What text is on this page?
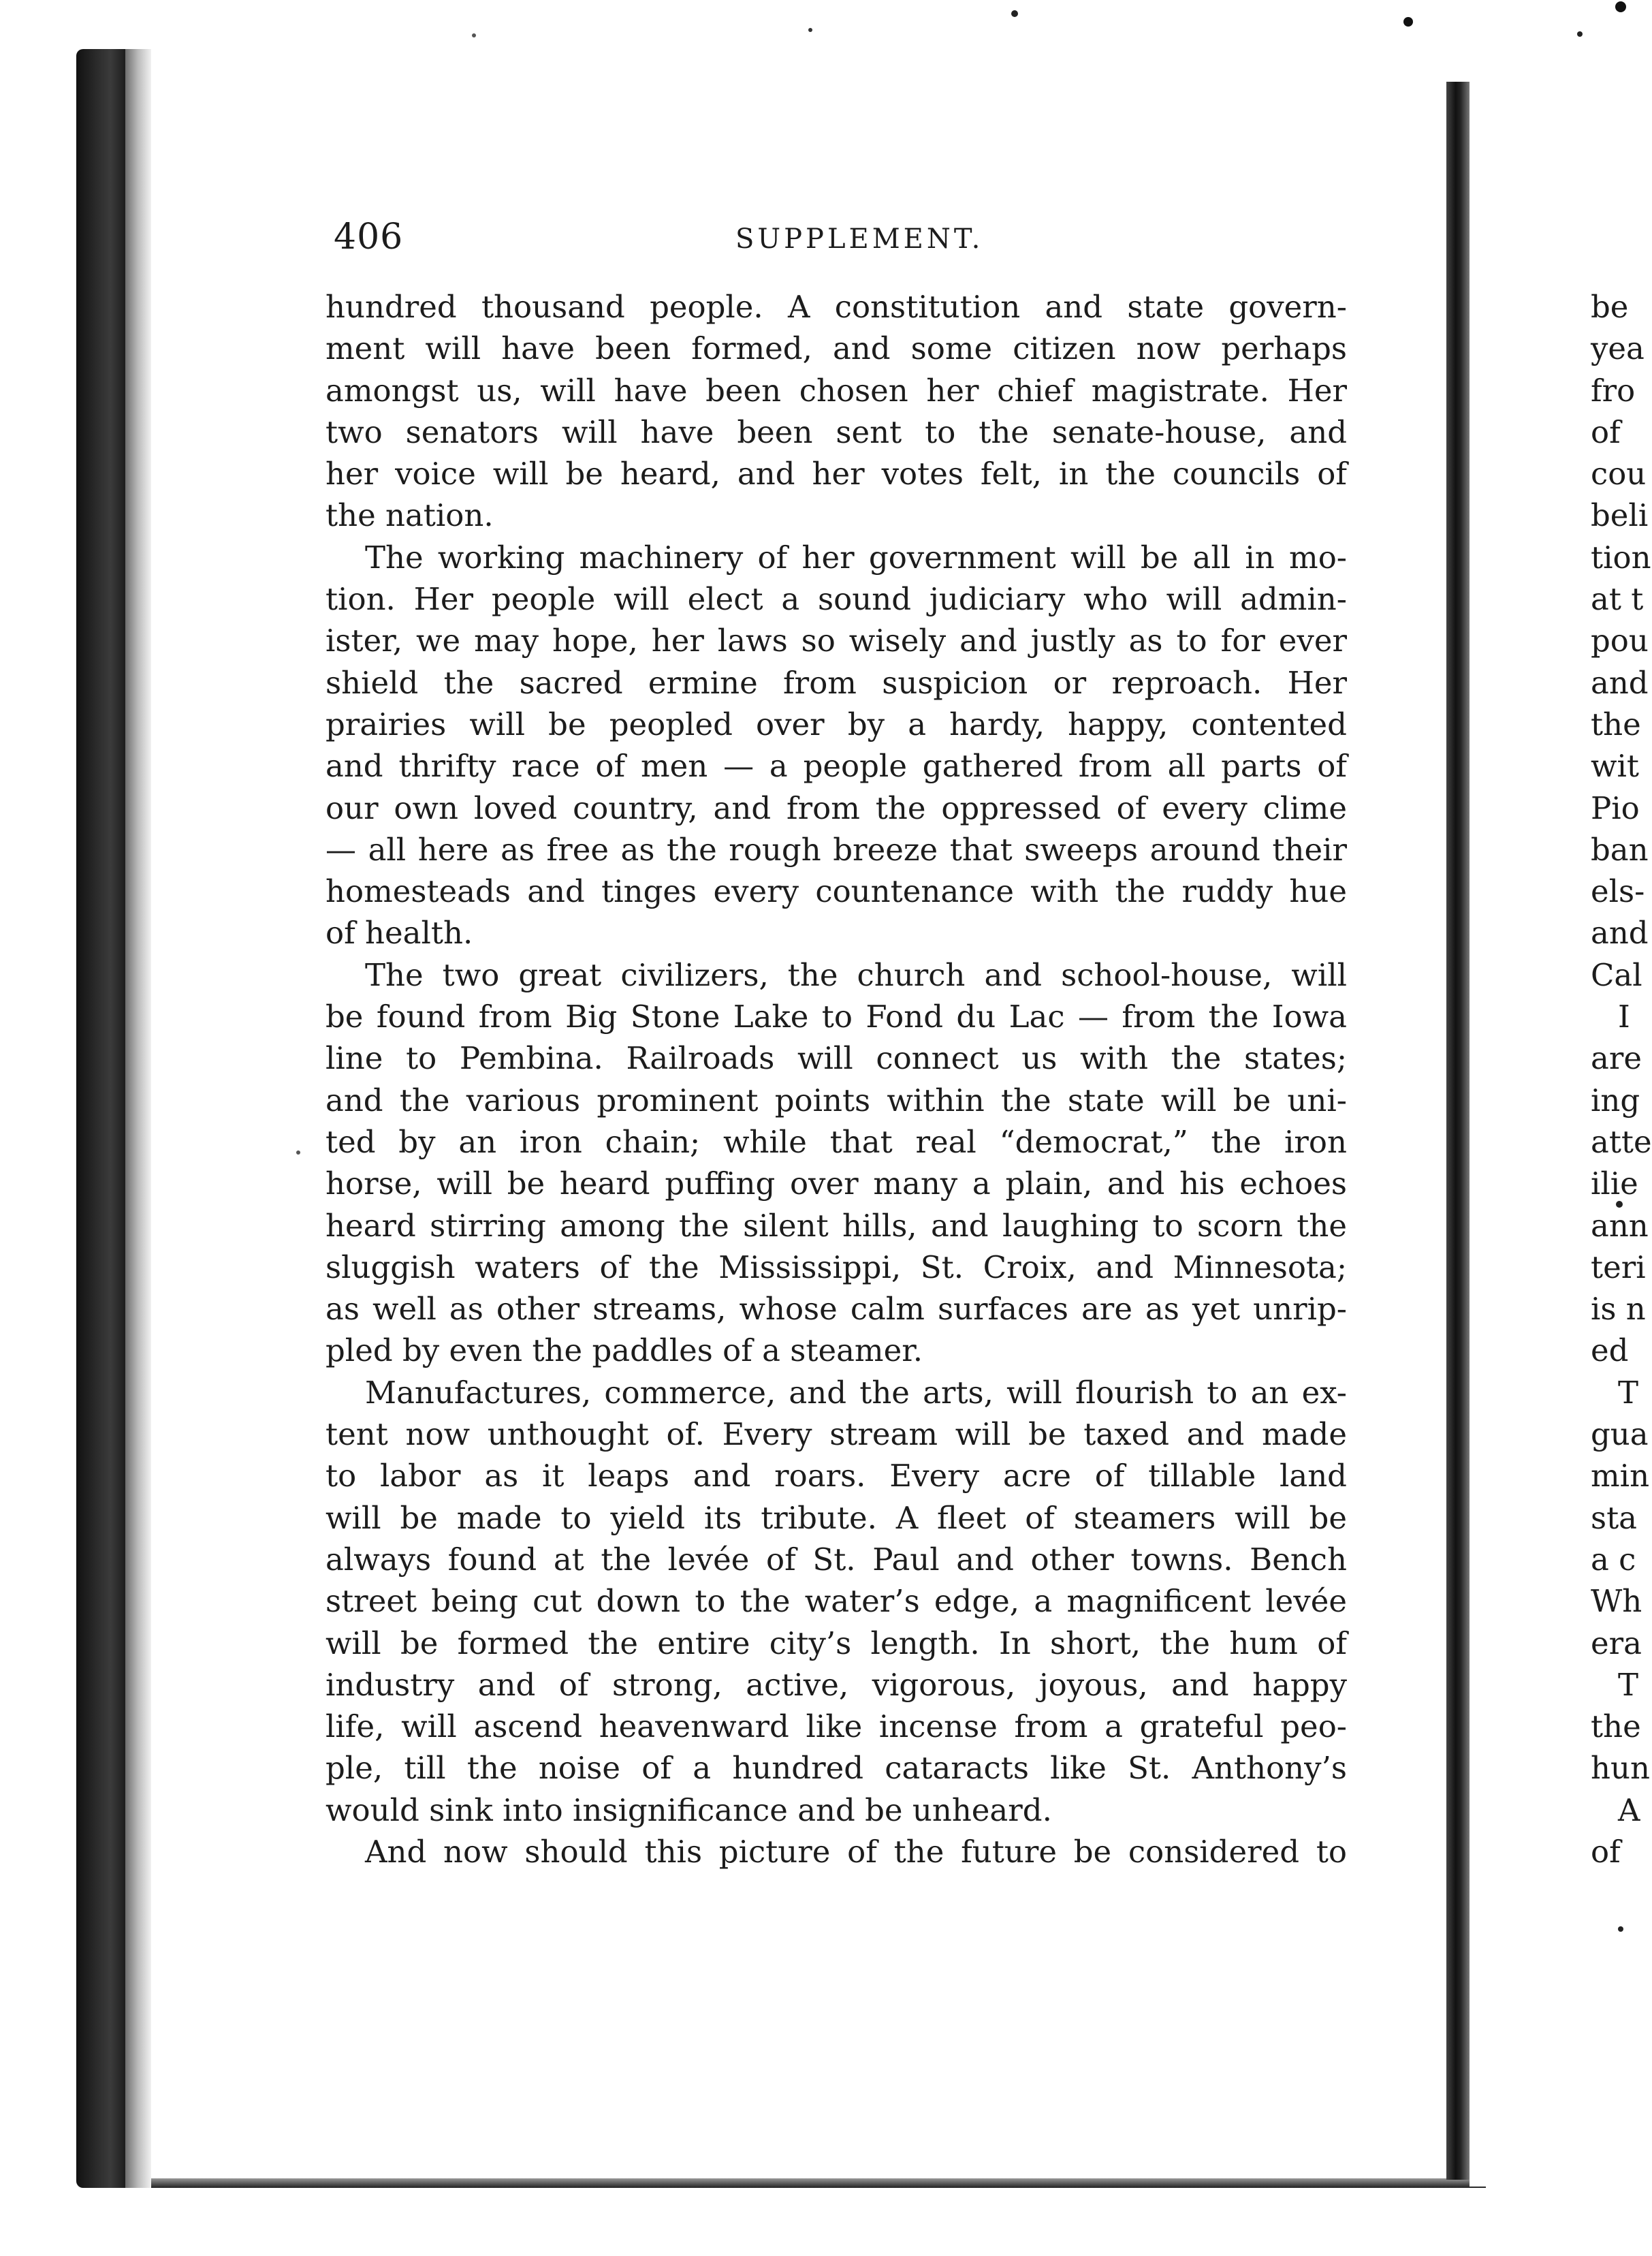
406	SUPPLEMENT.
hundred thousand people. A constitution and state govern-
ment will have been formed, and some citizen now perhaps
amongst us, will have been chosen her chief magistrate. Her
two senators will have been sent to the senate-house, and
her voice will be heard, and her votes felt, in the councils of
the nation.
The working machinery of her government will be all in mo-
tion. Her people will elect a sound judiciary who will admin-
ister, we may hope, her laws so wisely and justly as to for ever
shield the sacred ermine from suspicion or reproach. Her
prairies will be peopled over by a hardy, happy, contented
and thrifty race of men — a people gathered from all parts of
our own loved country, and from the oppressed of every clime
— all here as free as the rough breeze that sweeps around their
homesteads and tinges every countenance with the ruddy hue
of health.
The two great civilizers, the church and school-house, will
be found from Big Stone Lake to Fond du Lac — from the Iowa
line to Pembina. Railroads will connect us with the states;
and the various prominent points within the state will be uni-
ted by an iron chain; while that real “democrat,” the iron
horse, will be heard puffing over many a plain, and his echoes
heard stirring among the silent hills, and laughing to scorn the
sluggish waters of the Mississippi, St. Croix, and Minnesota;
as well as other streams, whose calm surfaces are as yet unrip-
pled by even the paddles of a steamer.
Manufactures, commerce, and the arts, will flourish to an ex-
tent now unthought of. Every stream will be taxed and made
to labor as it leaps and roars. Every acre of tillable land
will be made to yield its tribute. A fleet of steamers will be
always found at the levée of St. Paul and other towns. Bench
street being cut down to the water’s edge, a magnificent levée
will be formed the entire city’s length. In short, the hum of
industry and of strong, active, vigorous, joyous, and happy
life, will ascend heavenward like incense from a grateful peo-
ple, till the noise of a hundred cataracts like St. Anthony’s
would sink into insignificance and be unheard.
And now should this picture of the future be considered to
be
yea
fro
of
cou
beli
tion
at t
pou
and
the
wit
Pio
ban
els-
and
Cal
I
are
ing
atte
ilie
ann
teri
is n
ed
T
gua
min
sta
a c
Wh
era
T
the
hun
A
of
